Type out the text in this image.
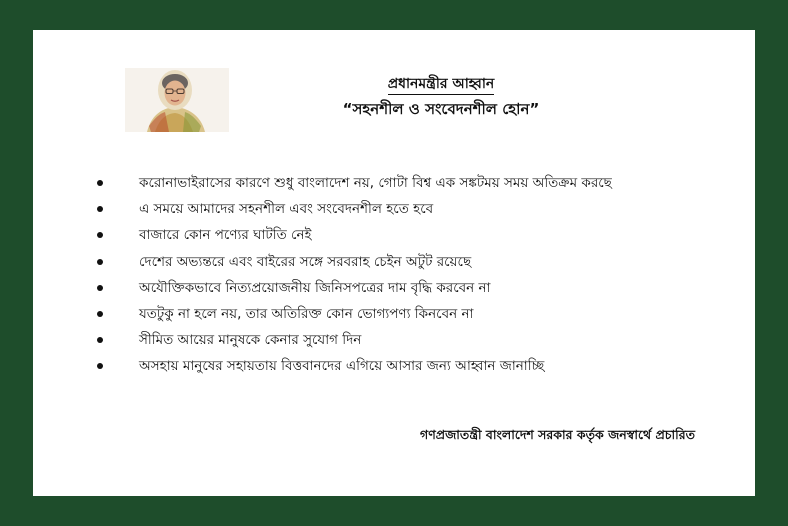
প্রধানমন্ত্রীর আহ্বান
“সহনশীল ও সংবেদনশীল হোন”
করোনাভাইরাসের কারণে শুধু বাংলাদেশ নয়, গোটা বিশ্ব এক সঙ্কটময় সময় অতিক্রম করছে
এ সময়ে আমাদের সহনশীল এবং সংবেদনশীল হতে হবে
বাজারে কোন পণ্যের ঘাটতি নেই
দেশের অভ্যন্তরে এবং বাইরের সঙ্গে সরবরাহ চেইন অটুট রয়েছে
অযৌক্তিকভাবে নিত্যপ্রয়োজনীয় জিনিসপত্রের দাম বৃদ্ধি করবেন না
যতটুকু না হলে নয়, তার অতিরিক্ত কোন ভোগ্যপণ্য কিনবেন না
সীমিত আয়ের মানুষকে কেনার সুযোগ দিন
অসহায় মানুষের সহায়তায় বিত্তবানদের এগিয়ে আসার জন্য আহ্বান জানাচ্ছি
গণপ্রজাতন্ত্রী বাংলাদেশ সরকার কর্তৃক জনস্বার্থে প্রচারিত
